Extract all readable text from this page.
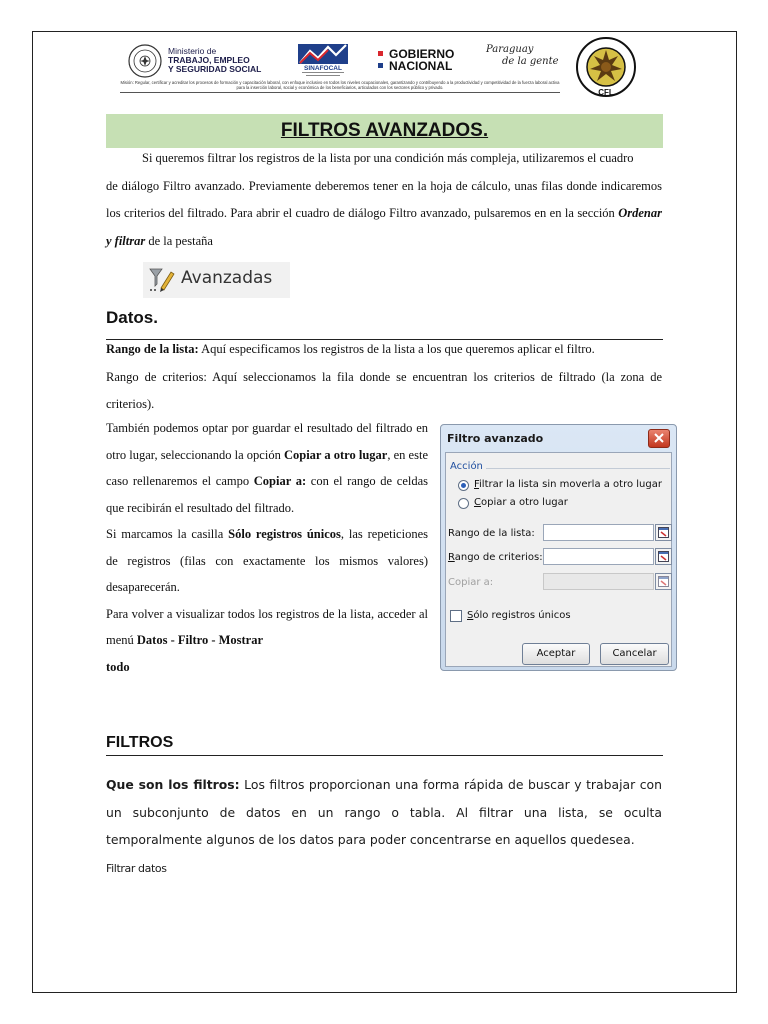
Ministerio de
TRABAJO, EMPLEO
Y SEGURIDAD SOCIAL	SINAFOCAL
GOBIERNO
NACIONAL
Paraguay
de la gente
CFL
Misión: Regular, certificar y acreditar los procesos de formación y capacitación laboral, con enfoque inclusivo en todos los niveles ocupacionales, garantizando y contribuyendo a la productividad y competitividad de la fuerza laboral activa para la inserción laboral, social y económica de los beneficiarios, articulados con los sectores público y privado.
FILTROS AVANZADOS.
Si queremos filtrar los registros de la lista por una condición más compleja, utilizaremos el cuadro
de diálogo Filtro avanzado. Previamente deberemos tener en la hoja de cálculo, unas filas donde indicaremos los criterios del filtrado. Para abrir el cuadro de diálogo Filtro avanzado, pulsaremos en en la sección Ordenar y filtrar de la pestaña
Avanzadas
Datos.
Rango de la lista: Aquí especificamos los registros de la lista a los que queremos aplicar el filtro.
Rango de criterios: Aquí seleccionamos la fila donde se encuentran los criterios de filtrado (la zona de criterios).
También podemos optar por guardar el resultado del filtrado en otro lugar, seleccionando la opción Copiar a otro lugar, en este caso rellenaremos el campo Copiar a: con el rango de celdas que recibirán el resultado del filtrado.
Si marcamos la casilla Sólo registros únicos, las repeticiones de registros (filas con exactamente los mismos valores) desaparecerán.
Para volver a visualizar todos los registros de la lista, acceder al menú Datos - Filtro - Mostrar
todo
Filtro avanzado
Acción
Filtrar la lista sin moverla a otro lugar
Copiar a otro lugar
Rango de la lista:
Rango de criterios:
Copiar a:
Sólo registros únicos
Aceptar	Cancelar
FILTROS
Que son los filtros: Los filtros proporcionan una forma rápida de buscar y trabajar con un subconjunto de datos en un rango o tabla. Al filtrar una lista, se oculta temporalmente algunos de los datos para poder concentrarse en aquellos quedesea.
Filtrar datos
